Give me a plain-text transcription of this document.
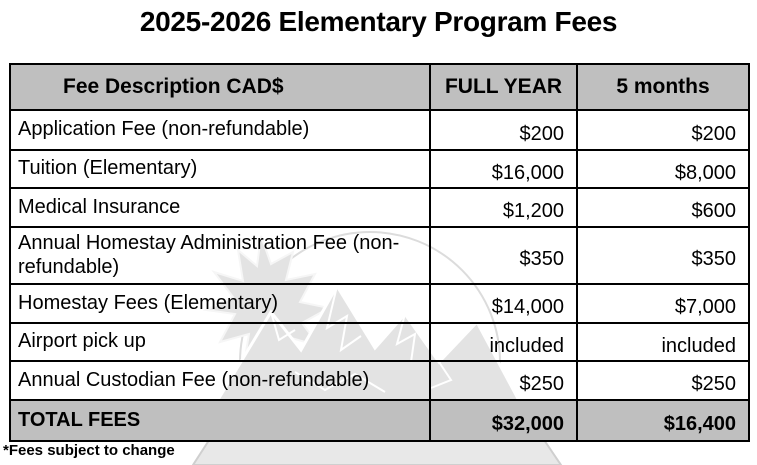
2025-2026 Elementary Program Fees
Fee Description CAD$	FULL YEAR	5 months
Application Fee (non-refundable)	$200	$200
Tuition (Elementary)	$16,000	$8,000
Medical Insurance	$1,200	$600
Annual Homestay Administration Fee (non-refundable)	$350	$350
Homestay Fees (Elementary)	$14,000	$7,000
Airport pick up	included	included
Annual Custodian Fee (non-refundable)	$250	$250
TOTAL FEES	$32,000	$16,400
*Fees subject to change
